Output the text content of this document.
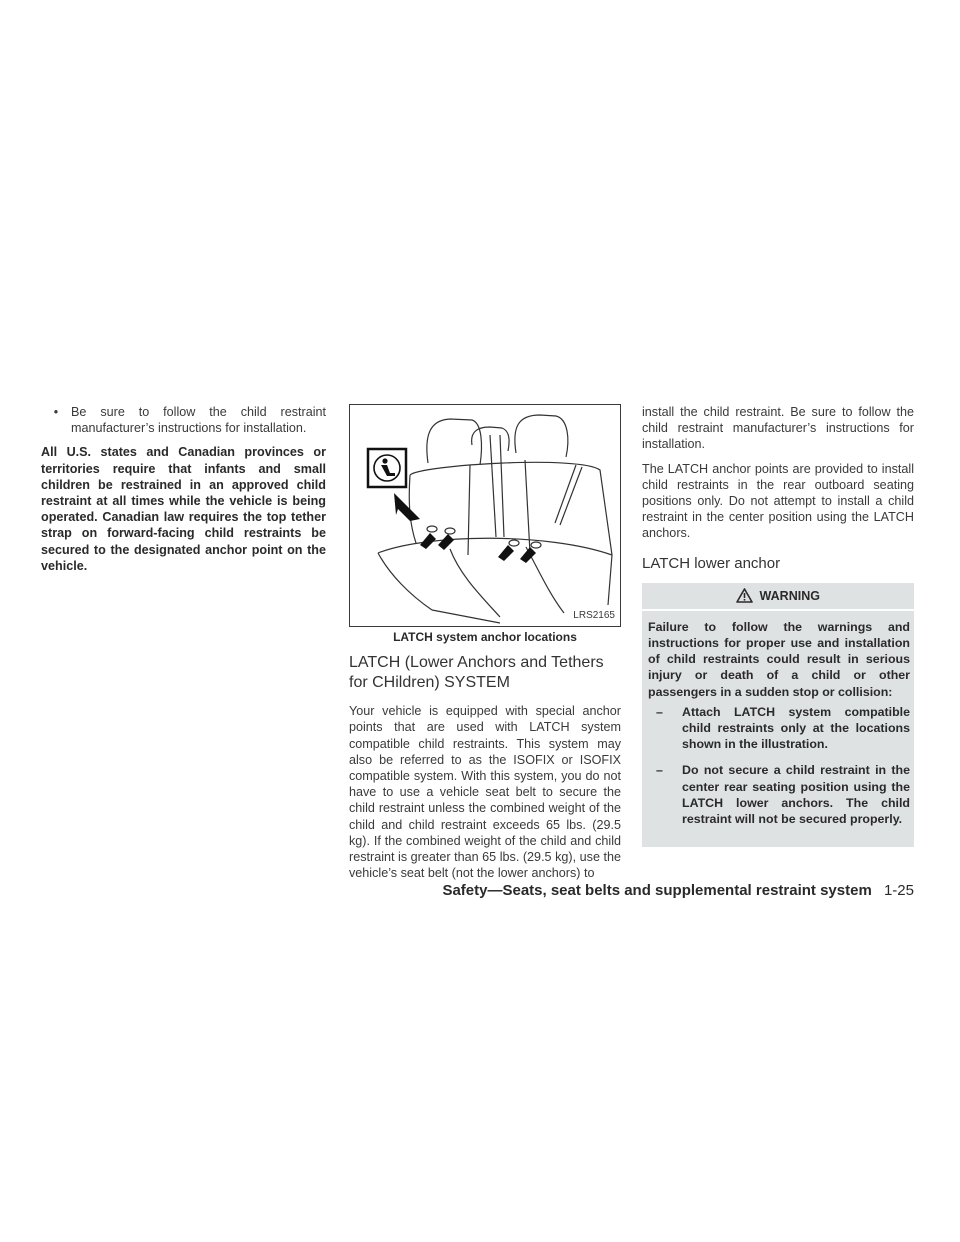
•	Be sure to follow the child restraint manufacturer’s instructions for installation.

All U.S. states and Canadian provinces or territories require that infants and small children be restrained in an approved child restraint at all times while the vehicle is being operated. Canadian law requires the top tether strap on forward-facing child restraints be secured to the designated anchor point on the vehicle.

LRS2165
LATCH system anchor locations
LATCH (Lower Anchors and Tethers for CHildren) SYSTEM

Your vehicle is equipped with special anchor points that are used with LATCH system compatible child restraints. This system may also be referred to as the ISOFIX or ISOFIX compatible system. With this system, you do not have to use a vehicle seat belt to secure the child restraint unless the combined weight of the child and child restraint exceeds 65 lbs. (29.5 kg). If the combined weight of the child and child restraint is greater than 65 lbs. (29.5 kg), use the vehicle’s seat belt (not the lower anchors) to

install the child restraint. Be sure to follow the child restraint manufacturer’s instructions for installation.

The LATCH anchor points are provided to install child restraints in the rear outboard seating positions only. Do not attempt to install a child restraint in the center position using the LATCH anchors.

LATCH lower anchor
WARNING

Failure to follow the warnings and instructions for proper use and installation of child restraints could result in serious injury or death of a child or other passengers in a sudden stop or collision:

–	Attach LATCH system compatible child restraints only at the locations shown in the illustration.
–	Do not secure a child restraint in the center rear seating position using the LATCH lower anchors. The child restraint will not be secured properly.
Safety—Seats, seat belts and supplemental restraint system 1-25
